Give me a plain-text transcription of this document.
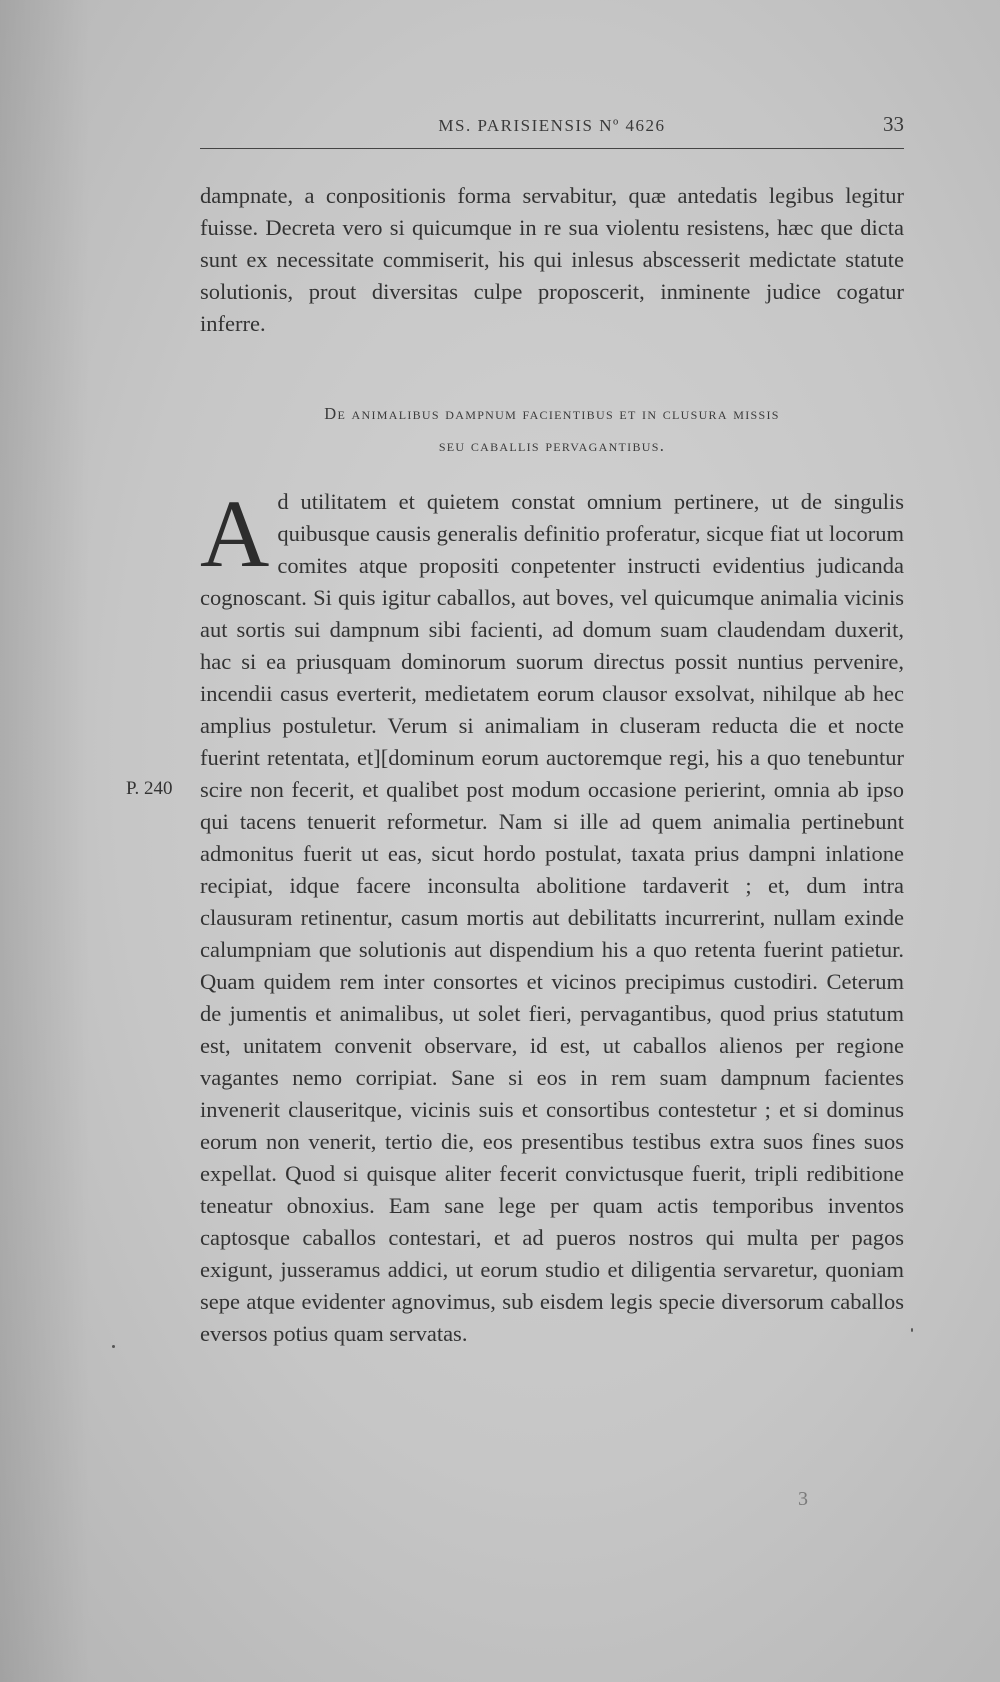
MS. PARISIENSIS Nº 4626	33

dampnate, a conpositionis forma servabitur, quæ antedatis legibus legitur fuisse. Decreta vero si quicumque in re sua violentu resistens, hæc que dicta sunt ex necessitate commiserit, his qui inlesus abscesserit medictate statute solutionis, prout diversitas culpe proposcerit, inminente judice cogatur inferre.

De animalibus dampnum facientibus et in clusura missis
seu caballis pervagantibus.

Ad utilitatem et quietem constat omnium pertinere, ut de singulis quibusque causis generalis definitio proferatur, sicque fiat ut locorum comites atque propositi conpetenter instructi evidentius judicanda cognoscant. Si quis igitur caballos, aut boves, vel quicumque animalia vicinis aut sortis sui dampnum sibi facienti, ad domum suam claudendam duxerit, hac si ea priusquam dominorum suorum directus possit nuntius pervenire, incendii casus everterit, medietatem eorum clausor exsolvat, nihilque ab hec amplius postuletur. Verum si animaliam in cluseram reducta die et nocte fuerint retentata, et][dominum eorum auctoremque regi, his a quo tenebuntur scire non fecerit, et qualibet post modum occasione perierint, omnia ab ipso qui tacens tenuerit reformetur. Nam si ille ad quem animalia pertinebunt admonitus fuerit ut eas, sicut hordo postulat, taxata prius dampni inlatione recipiat, idque facere inconsulta abolitione tardaverit ; et, dum intra clausuram retinentur, casum mortis aut debilitatts incurrerint, nullam exinde calumpniam que solutionis aut dispendium his a quo retenta fuerint patietur. Quam quidem rem inter consortes et vicinos precipimus custodiri. Ceterum de jumentis et animalibus, ut solet fieri, pervagantibus, quod prius statutum est, unitatem convenit observare, id est, ut caballos alienos per regione vagantes nemo corripiat. Sane si eos in rem suam dampnum facientes invenerit clauseritque, vicinis suis et consortibus contestetur ; et si dominus eorum non venerit, tertio die, eos presentibus testibus extra suos fines suos expellat. Quod si quisque aliter fecerit convictusque fuerit, tripli redibitione teneatur obnoxius. Eam sane lege per quam actis temporibus inventos captosque caballos contestari, et ad pueros nostros qui multa per pagos exigunt, jusseramus addici, ut eorum studio et diligentia servaretur, quoniam sepe atque evidenter agnovimus, sub eisdem legis specie diversorum caballos eversos potius quam servatas.

P. 240
3
